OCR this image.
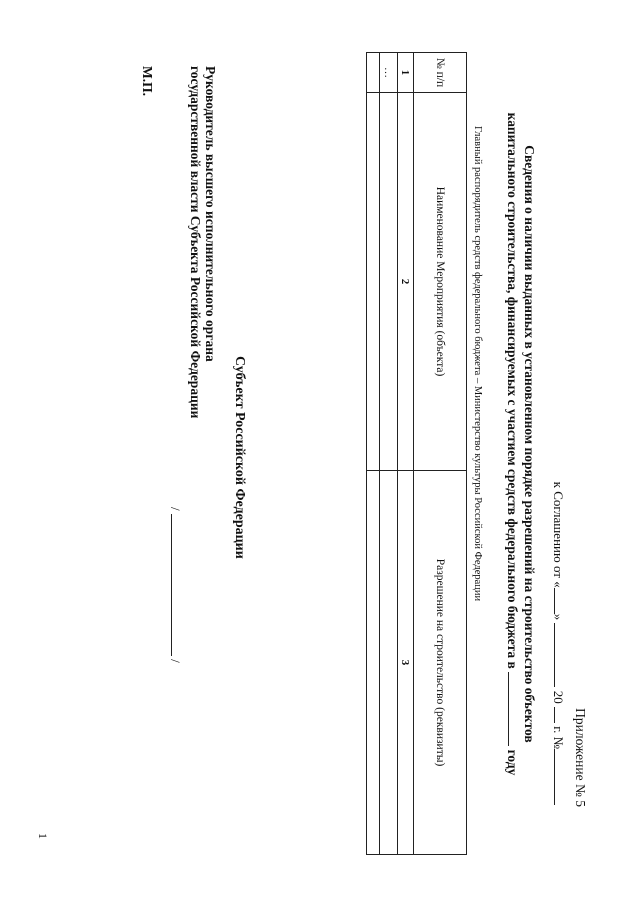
Приложение № 5
к Соглашению от «»  20  г. №
Сведения о наличии выданных в установленном порядке разрешений на строительство объектов
капитального строительства, финансируемых с участием средств федерального бюджета в  году
Главный распорядитель средств федерального бюджета – Министерство культуры Российской Федерации
№ п/п	Наименование Мероприятия (объекта)	Разрешение на строительство (реквизиты)
1	2	3
…		

Субъект Российской Федерации
Руководитель высшего исполнительного органа
государственной власти Субъекта Российской Федерации
/  /
М.П.
1
